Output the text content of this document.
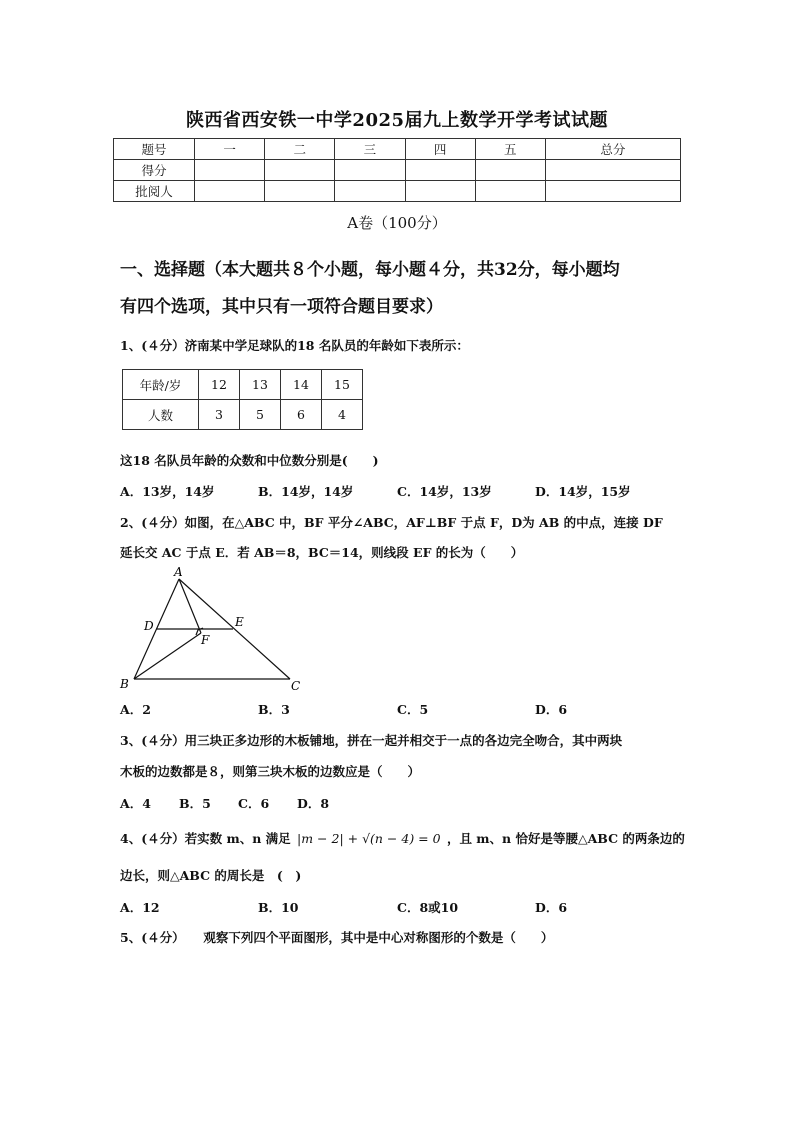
陕西省西安铁一中学2025届九上数学开学考试试题
题号	一	二	三	四	五	总分
得分						
批阅人						
A卷（100分）
一、选择题（本大题共８个小题，每小题４分，共32分，每小题均
有四个选项，其中只有一项符合题目要求）
1、(４分）济南某中学足球队的18 名队员的年龄如下表所示：
年龄/岁	12	13	14	15
人数	3	5	6	4
这18 名队员年龄的众数和中位数分别是(　　)
A．13岁，14岁	B．14岁，14岁	C．14岁，13岁	D．14岁，15岁
2、(４分）如图，在△ABC 中，BF 平分∠ABC，AF⊥BF 于点 F，D为 AB 的中点，连接 DF
延长交 AC 于点 E．若 AB＝8，BC＝14，则线段 EF 的长为（　　）
A
B	C
D	E
F
A．2	B．3	C．5	D．6
3、(４分）用三块正多边形的木板铺地，拼在一起并相交于一点的各边完全吻合，其中两块
木板的边数都是８，则第三块木板的边数应是（　　）
A．4 B．5 C．6 D．8
4、(４分）若实数 m、n 满足 |m − 2| + √(n − 4) = 0 ，且 m、n 恰好是等腰△ABC 的两条边的
边长，则△ABC 的周长是　(　)
A．12	B．10	C．8或10	D．6
5、(４分）　　观察下列四个平面图形，其中是中心对称图形的个数是（　　）
